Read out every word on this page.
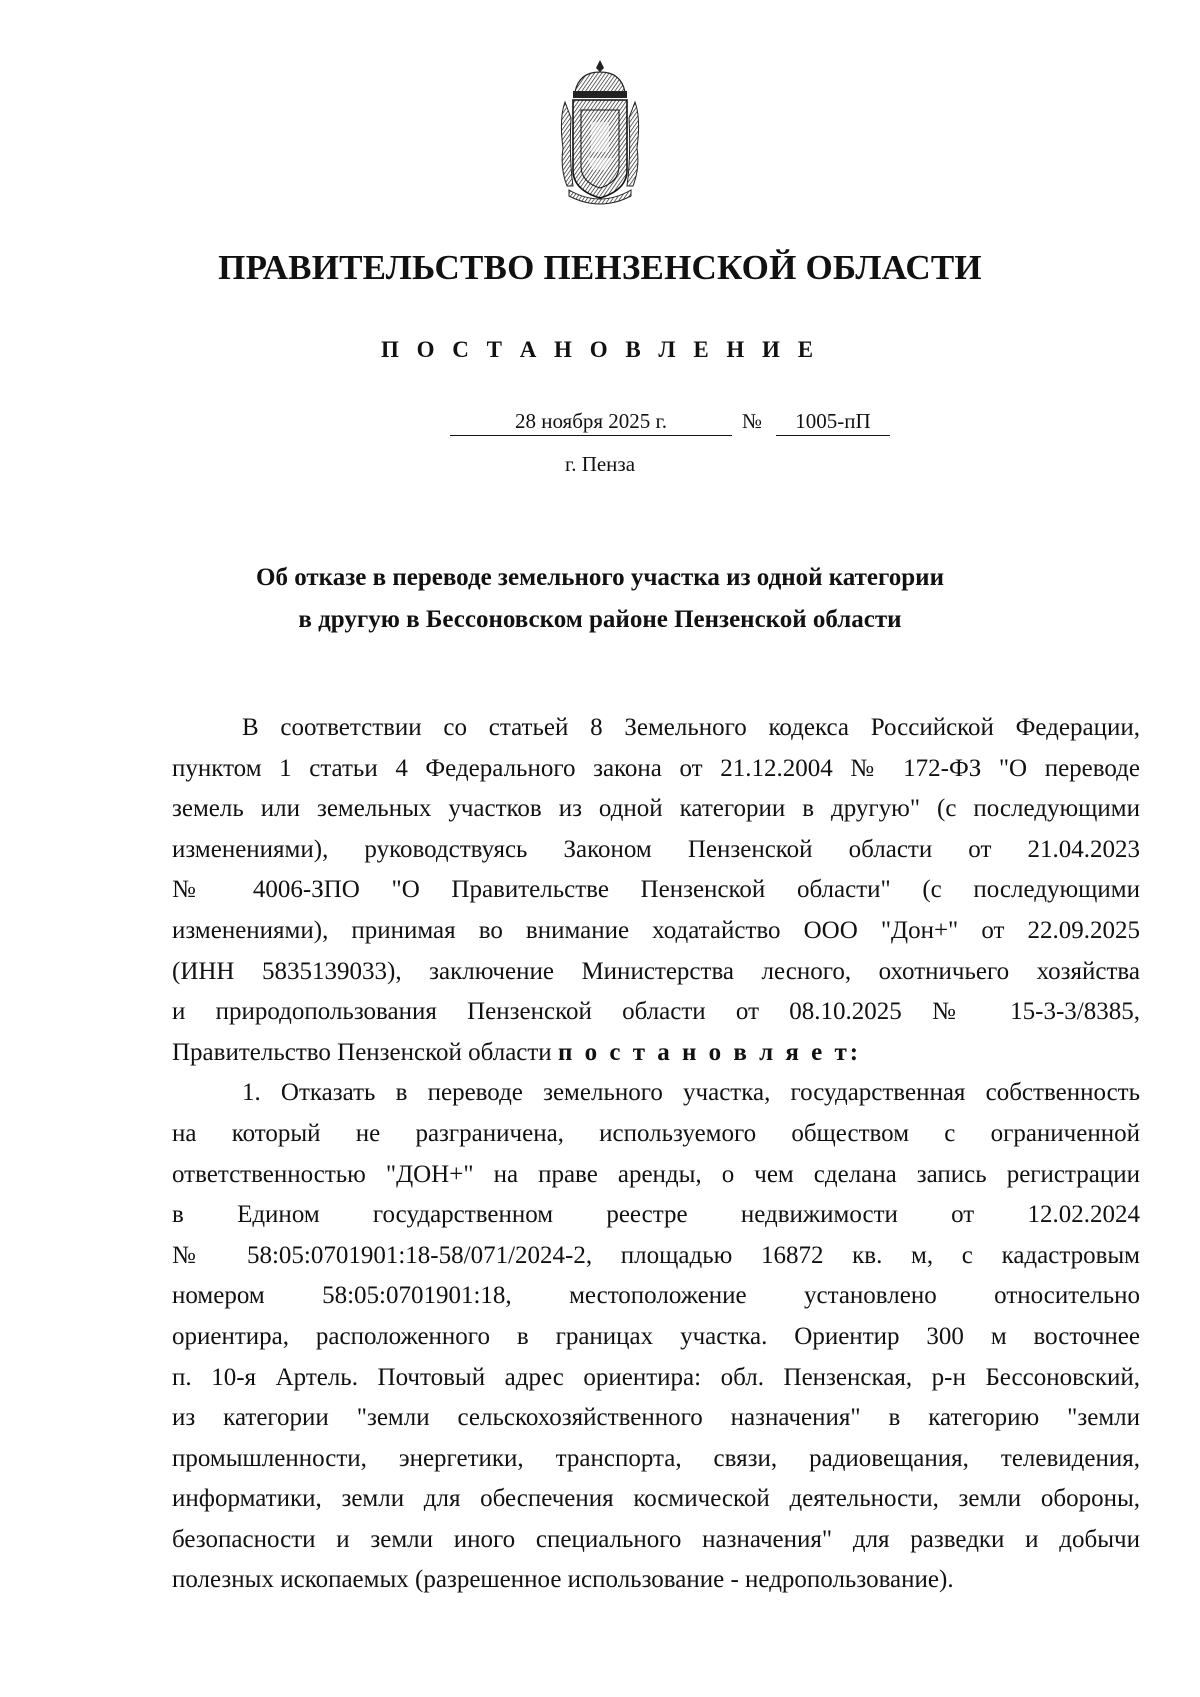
ПРАВИТЕЛЬСТВО ПЕНЗЕНСКОЙ ОБЛАСТИ
П О С Т А Н О В Л Е Н И Е
28 ноября 2025 г.	№	1005-пП
г. Пенза
Об отказе в переводе земельного участка из одной категории
в другую в Бессоновском районе Пензенской области
В соответствии со статьей 8 Земельного кодекса Российской Федерации,
пунктом 1 статьи 4 Федерального закона от 21.12.2004 № 172-ФЗ "О переводе
земель или земельных участков из одной категории в другую" (с последующими
изменениями), руководствуясь Законом Пензенской области от 21.04.2023
№ 4006-ЗПО "О Правительстве Пензенской области" (с последующими
изменениями), принимая во внимание ходатайство ООО "Дон+" от 22.09.2025
(ИНН 5835139033), заключение Министерства лесного, охотничьего хозяйства
и природопользования Пензенской области от 08.10.2025 № 15-3-3/8385,
Правительство Пензенской области п о с т а н о в л я е т:
1. Отказать в переводе земельного участка, государственная собственность
на который не разграничена, используемого обществом с ограниченной
ответственностью "ДОН+" на праве аренды, о чем сделана запись регистрации
в Едином государственном реестре недвижимости от 12.02.2024
№ 58:05:0701901:18-58/071/2024-2, площадью 16872 кв. м, с кадастровым
номером 58:05:0701901:18, местоположение установлено относительно
ориентира, расположенного в границах участка. Ориентир 300 м восточнее
п. 10-я Артель. Почтовый адрес ориентира: обл. Пензенская, р-н Бессоновский,
из категории "земли сельскохозяйственного назначения" в категорию "земли
промышленности, энергетики, транспорта, связи, радиовещания, телевидения,
информатики, земли для обеспечения космической деятельности, земли обороны,
безопасности и земли иного специального назначения" для разведки и добычи
полезных ископаемых (разрешенное использование - недропользование).
